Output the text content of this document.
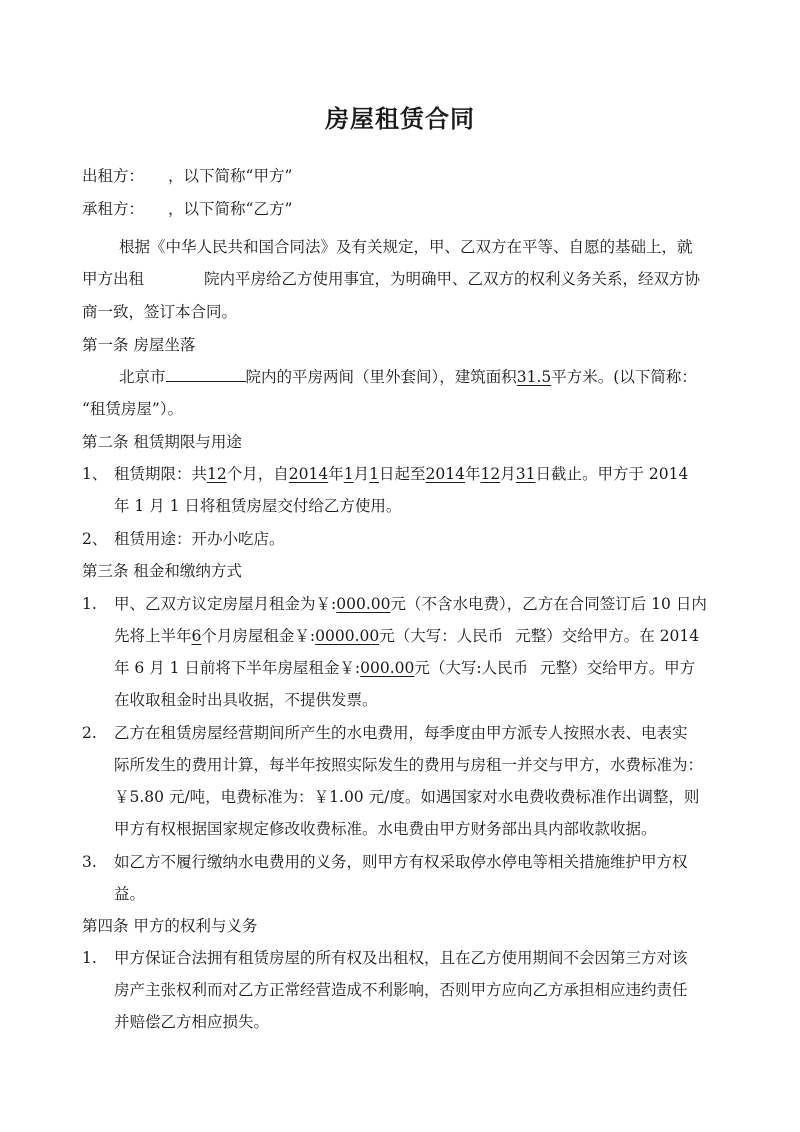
房屋租赁合同
出租方： ，以下简称“甲方”
承租方： ，以下简称“乙方”
根据《中华人民共和国合同法》及有关规定，甲、乙双方在平等、自愿的基础上，就
甲方出租	院内平房给乙方使用事宜，为明确甲、乙双方的权利义务关系，经双方协
商一致，签订本合同。
第一条 房屋坐落
北京市	院内的平房两间（里外套间），建筑面积31.5平方米。(以下简称：
“租赁房屋”）。
第二条 租赁期限与用途
1、 租赁期限：共12个月，自2014年1月1日起至2014年12月31日截止。甲方于 2014
年 1 月 1 日将租赁房屋交付给乙方使用。
2、 租赁用途：开办小吃店。
第三条 租金和缴纳方式
1. 甲、乙双方议定房屋月租金为￥:000.00元（不含水电费），乙方在合同签订后 10 日内
先将上半年6个月房屋租金￥:0000.00元（大写：人民币 元整）交给甲方。在 2014
年 6 月 1 日前将下半年房屋租金￥:000.00元（大写:人民币 元整）交给甲方。甲方
在收取租金时出具收据，不提供发票。
2. 乙方在租赁房屋经营期间所产生的水电费用，每季度由甲方派专人按照水表、电表实
际所发生的费用计算，每半年按照实际发生的费用与房租一并交与甲方，水费标准为：
￥5.80 元/吨，电费标准为：￥1.00 元/度。如遇国家对水电费收费标准作出调整，则
甲方有权根据国家规定修改收费标准。水电费由甲方财务部出具内部收款收据。
3. 如乙方不履行缴纳水电费用的义务，则甲方有权采取停水停电等相关措施维护甲方权
益。
第四条 甲方的权利与义务
1. 甲方保证合法拥有租赁房屋的所有权及出租权，且在乙方使用期间不会因第三方对该
房产主张权利而对乙方正常经营造成不利影响，否则甲方应向乙方承担相应违约责任
并赔偿乙方相应损失。
